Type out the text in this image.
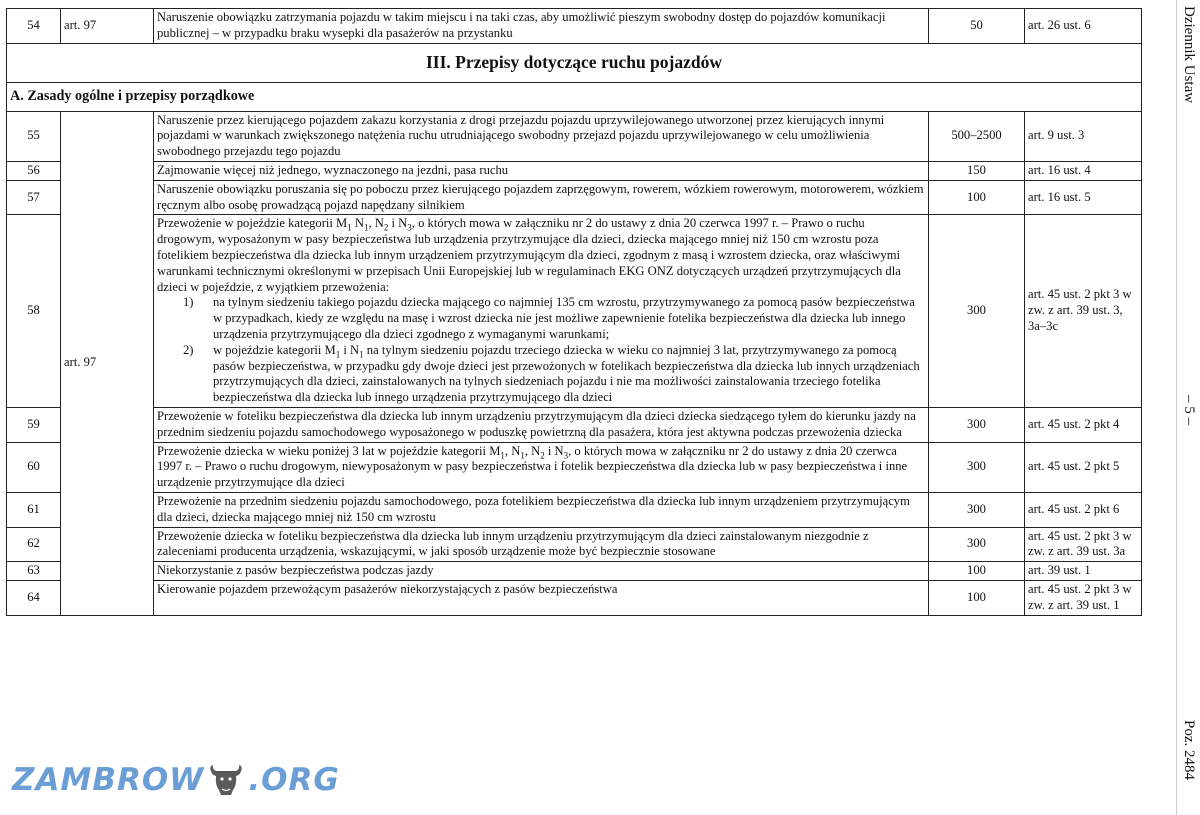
54	art. 97	Naruszenie obowiązku zatrzymania pojazdu w takim miejscu i na taki czas, aby umożliwić pieszym swobodny dostęp do pojazdów komunikacji publicznej – w przypadku braku wysepki dla pasażerów na przystanku	50	art. 26 ust. 6
III. Przepisy dotyczące ruchu pojazdów				
A. Zasady ogólne i przepisy porządkowe				
55	art. 97	Naruszenie przez kierującego pojazdem zakazu korzystania z drogi przejazdu pojazdu uprzywilejowanego utworzonej przez kierujących innymi pojazdami w warunkach zwiększonego natężenia ruchu utrudniającego swobodny przejazd pojazdu uprzywilejowanego w celu umożliwienia swobodnego przejazdu tego pojazdu	500–2500	art. 9 ust. 3
56		Zajmowanie więcej niż jednego, wyznaczonego na jezdni, pasa ruchu	150	art. 16 ust. 4
57		Naruszenie obowiązku poruszania się po poboczu przez kierującego pojazdem zaprzęgowym, rowerem, wózkiem rowerowym, motorowerem, wózkiem ręcznym albo osobę prowadzącą pojazd napędzany silnikiem	100	art. 16 ust. 5
58		Przewożenie w pojeździe kategorii $M_1$ $N_1$, $N_2$ i $N_3$, o których mowa w załączniku nr 2 do ustawy z dnia 20 czerwca 1997 r. – Prawo o ruchu drogowym, wyposażonym w pasy bezpieczeństwa lub urządzenia przytrzymujące dla dzieci, dziecka mającego mniej niż 150 cm wzrostu poza fotelikiem bezpieczeństwa dla dziecka lub innym urządzeniem przytrzymującym dla dzieci, zgodnym z masą i wzrostem dziecka, oraz właściwymi warunkami technicznymi określonymi w przepisach Unii Europejskiej lub w regulaminach EKG ONZ dotyczących urządzeń przytrzymujących dla dzieci w pojeździe, z wyjątkiem przewożenia:
1) na tylnym siedzeniu takiego pojazdu dziecka mającego co najmniej 135 cm wzrostu, przytrzymywanego za pomocą pasów bezpieczeństwa w przypadkach, kiedy ze względu na masę i wzrost dziecka nie jest możliwe zapewnienie fotelika bezpieczeństwa dla dziecka lub innego urządzenia przytrzymującego dla dzieci zgodnego z wymaganymi warunkami;
2) w pojeździe kategorii $M_1$ i $N_1$ na tylnym siedzeniu pojazdu trzeciego dziecka w wieku co najmniej 3 lat, przytrzymywanego za pomocą pasów bezpieczeństwa, w przypadku gdy dwoje dzieci jest przewożonych w fotelikach bezpieczeństwa dla dziecka lub innych urządzeniach przytrzymujących dla dzieci, zainstalowanych na tylnych siedzeniach pojazdu i nie ma możliwości zainstalowania trzeciego fotelika bezpieczeństwa dla dziecka lub innego urządzenia przytrzymującego dla dzieci	300	art. 45 ust. 2 pkt 3 w zw. z art. 39 ust. 3, 3a–3c
59		Przewożenie w foteliku bezpieczeństwa dla dziecka lub innym urządzeniu przytrzymującym dla dzieci dziecka siedzącego tyłem do kierunku jazdy na przednim siedzeniu pojazdu samochodowego wyposażonego w poduszkę powietrzną dla pasażera, która jest aktywna podczas przewożenia dziecka	300	art. 45 ust. 2 pkt 4
60		Przewożenie dziecka w wieku poniżej 3 lat w pojeździe kategorii $M_1$, $N_1$, $N_2$ i $N_3$, o których mowa w załączniku nr 2 do ustawy z dnia 20 czerwca 1997 r. – Prawo o ruchu drogowym, niewyposażonym w pasy bezpieczeństwa i fotelik bezpieczeństwa dla dziecka lub w pasy bezpieczeństwa i inne urządzenie przytrzymujące dla dzieci	300	art. 45 ust. 2 pkt 5
61		Przewożenie na przednim siedzeniu pojazdu samochodowego, poza fotelikiem bezpieczeństwa dla dziecka lub innym urządzeniem przytrzymującym dla dzieci, dziecka mającego mniej niż 150 cm wzrostu	300	art. 45 ust. 2 pkt 6
62		Przewożenie dziecka w foteliku bezpieczeństwa dla dziecka lub innym urządzeniu przytrzymującym dla dzieci zainstalowanym niezgodnie z zaleceniami producenta urządzenia, wskazującymi, w jaki sposób urządzenie może być bezpiecznie stosowane	300	art. 45 ust. 2 pkt 3 w zw. z art. 39 ust. 3a
63		Niekorzystanie z pasów bezpieczeństwa podczas jazdy	100	art. 39 ust. 1
64		Kierowanie pojazdem przewożącym pasażerów niekorzystających z pasów bezpieczeństwa	100	art. 45 ust. 2 pkt 3 w zw. z art. 39 ust. 1
Dziennik Ustaw
– 5 –
Poz. 2484
ZAMBROW .ORG
